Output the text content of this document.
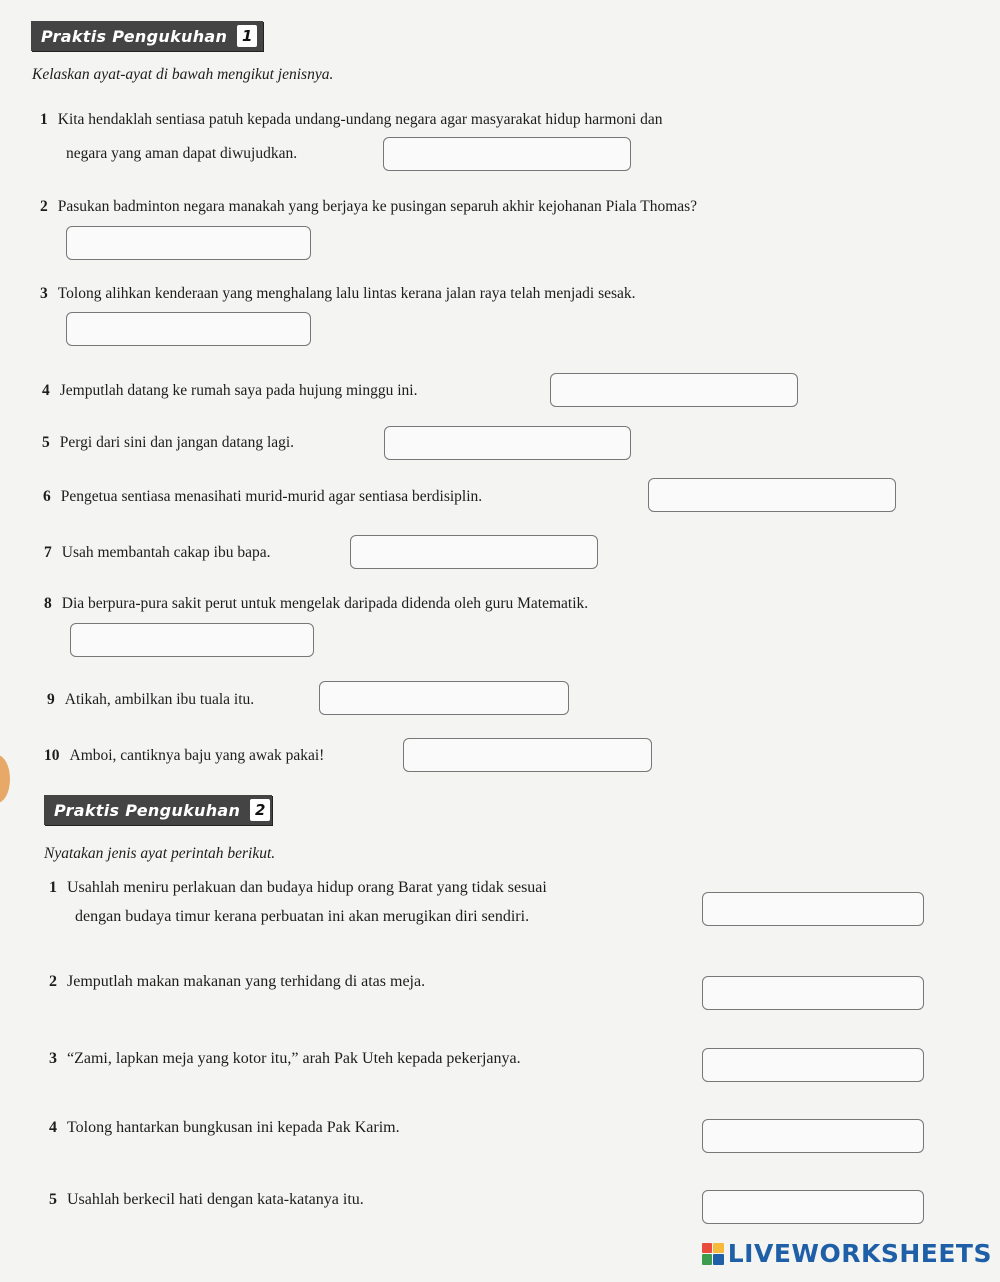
Praktis Pengukuhan 1
Kelaskan ayat-ayat di bawah mengikut jenisnya.
1 Kita hendaklah sentiasa patuh kepada undang-undang negara agar masyarakat hidup harmoni dan
negara yang aman dapat diwujudkan.
2 Pasukan badminton negara manakah yang berjaya ke pusingan separuh akhir kejohanan Piala Thomas?
3 Tolong alihkan kenderaan yang menghalang lalu lintas kerana jalan raya telah menjadi sesak.
4 Jemputlah datang ke rumah saya pada hujung minggu ini.
5 Pergi dari sini dan jangan datang lagi.
6 Pengetua sentiasa menasihati murid-murid agar sentiasa berdisiplin.
7 Usah membantah cakap ibu bapa.
8 Dia berpura-pura sakit perut untuk mengelak daripada didenda oleh guru Matematik.
9 Atikah, ambilkan ibu tuala itu.
10 Amboi, cantiknya baju yang awak pakai!
Praktis Pengukuhan 2
Nyatakan jenis ayat perintah berikut.
1 Usahlah meniru perlakuan dan budaya hidup orang Barat yang tidak sesuai
dengan budaya timur kerana perbuatan ini akan merugikan diri sendiri.
2 Jemputlah makan makanan yang terhidang di atas meja.
3 “Zami, lapkan meja yang kotor itu,” arah Pak Uteh kepada pekerjanya.
4 Tolong hantarkan bungkusan ini kepada Pak Karim.
5 Usahlah berkecil hati dengan kata-katanya itu.
LIVEWORKSHEETS
